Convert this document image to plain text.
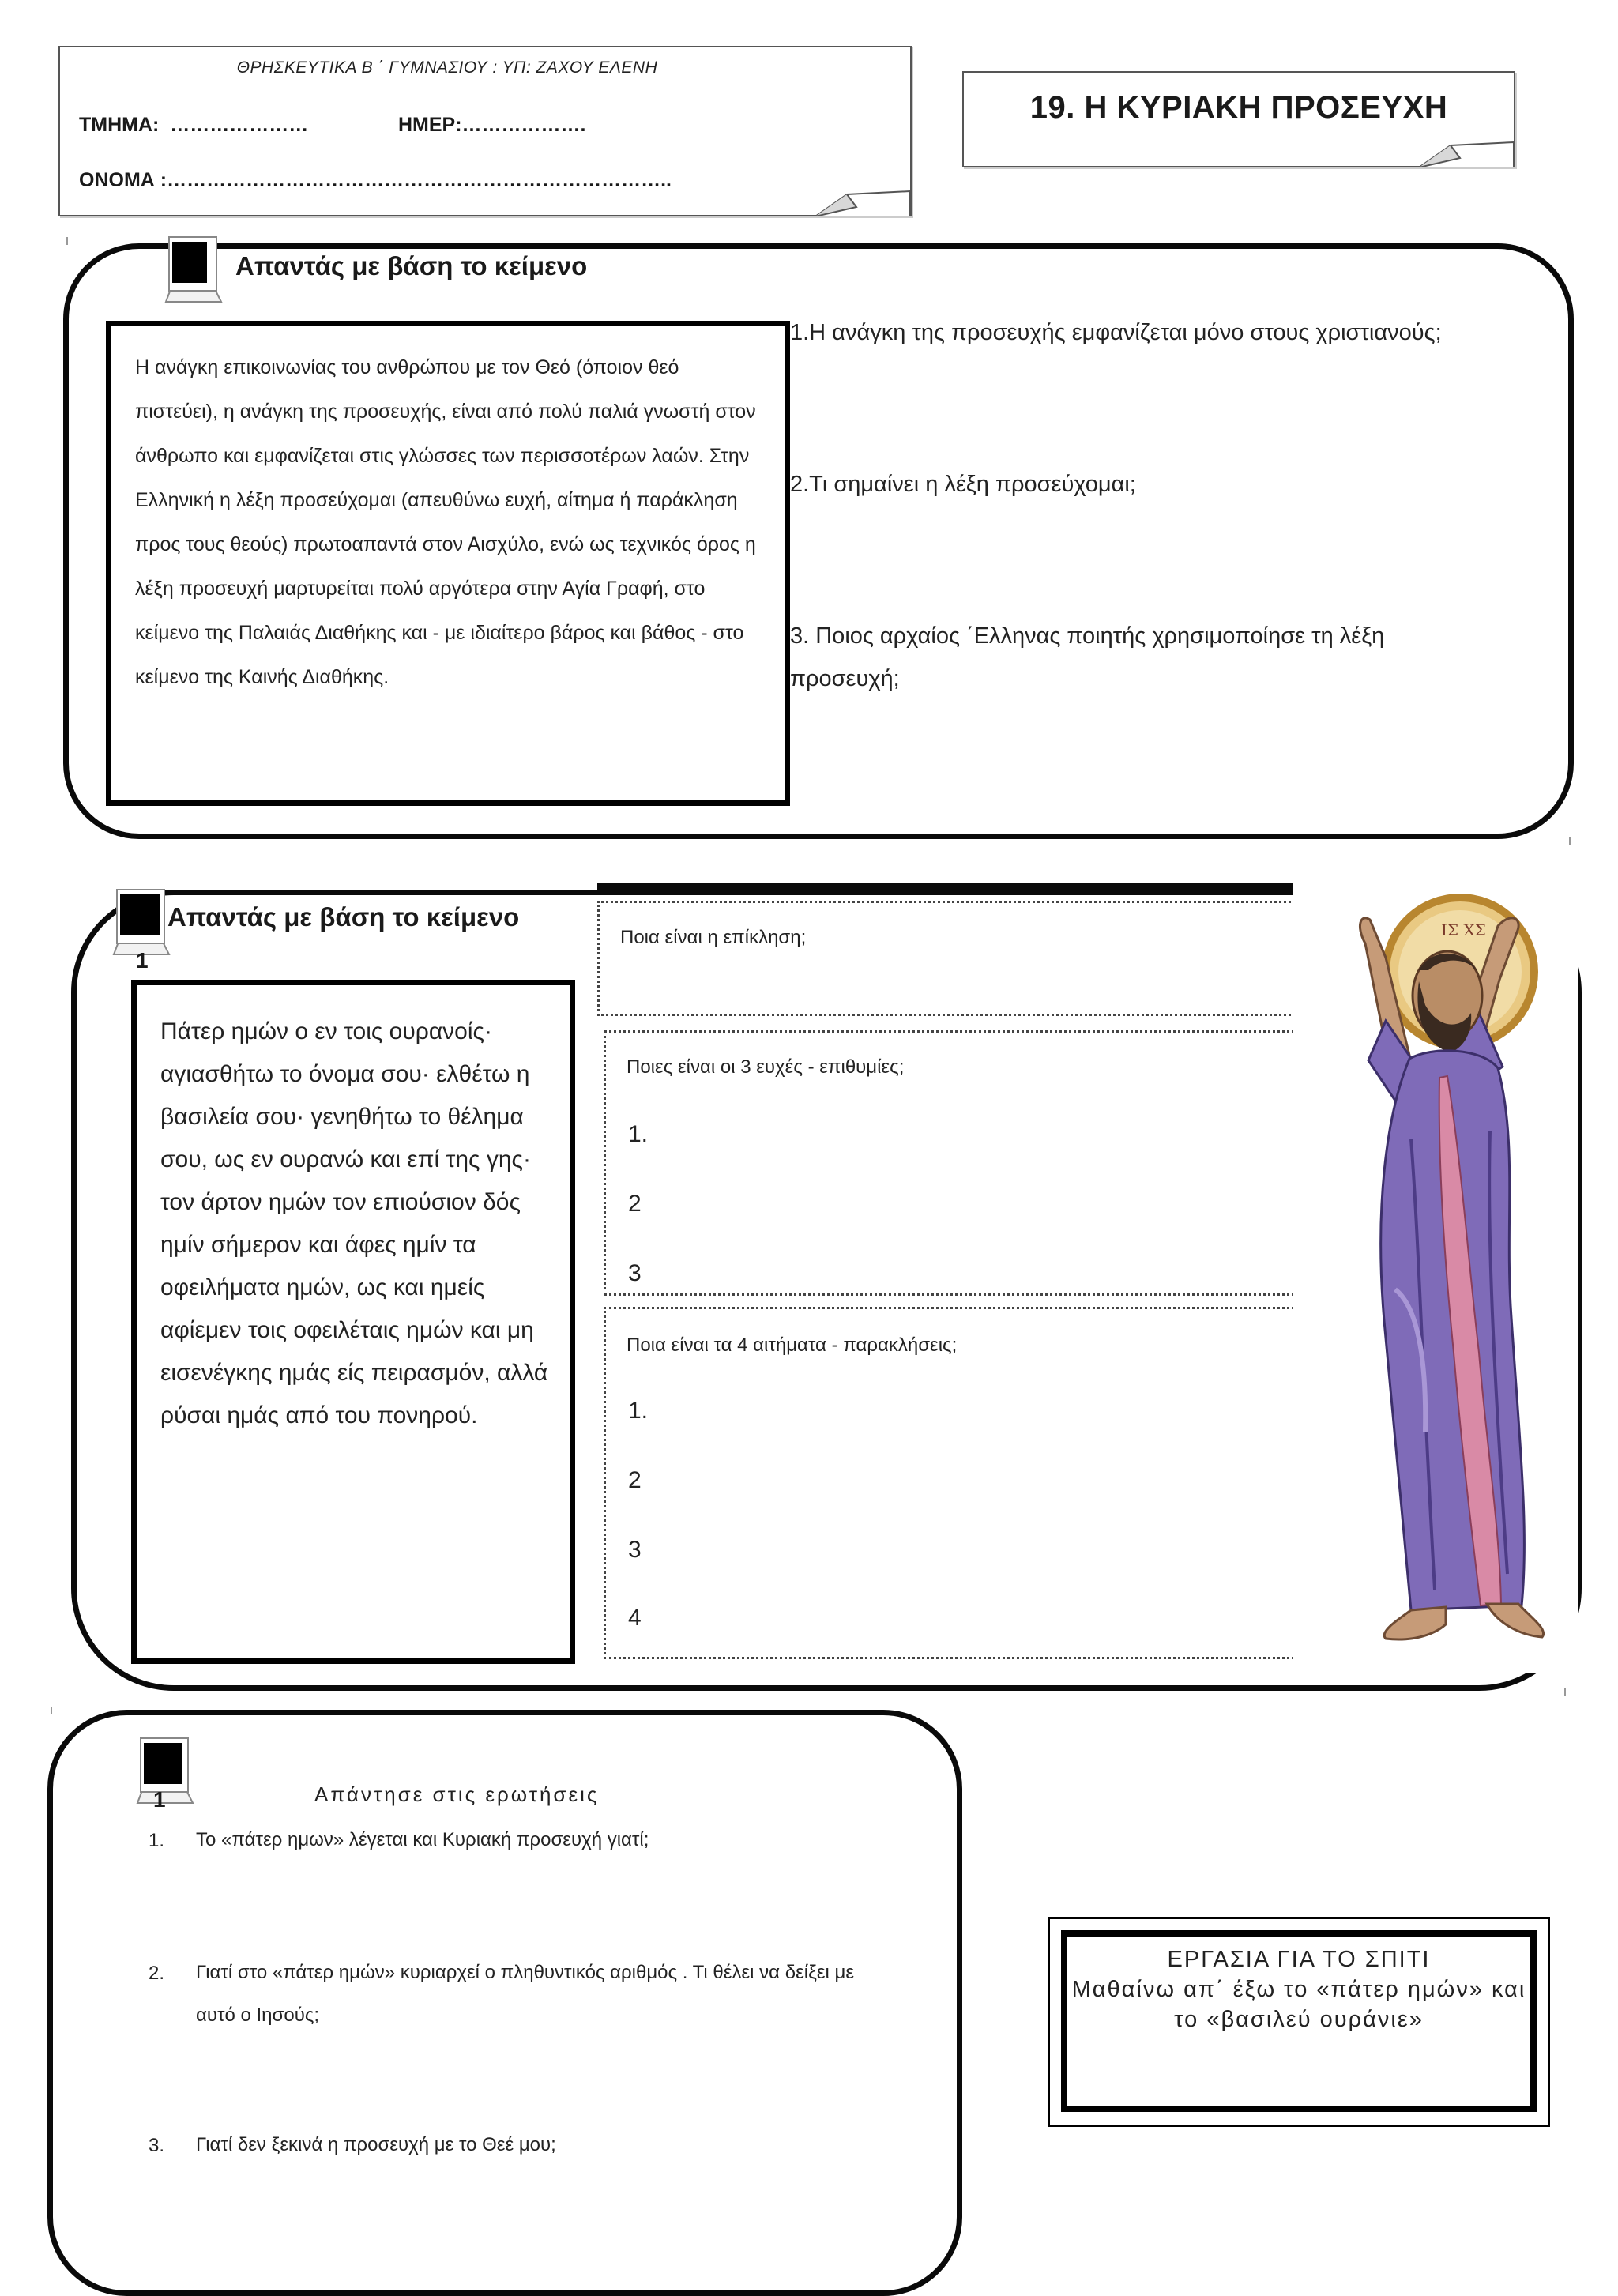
ΘΡΗΣΚΕΥΤΙΚΑ Β ΄ ΓΥΜΝΑΣΙΟΥ : ΥΠ: ΖΑΧΟΥ ΕΛΕΝΗ
ΤΜΗΜΑ:  …………………	ΗΜΕΡ:……………….
ΟΝΟΜΑ :…………………………………………………………………..
19. Η ΚΥΡΙΑΚΗ ΠΡΟΣΕΥΧΗ
Απαντάς με βάση το κείμενο
Η ανάγκη επικοινωνίας του ανθρώπου με τον Θεό (όποιον θεό πιστεύει), η ανάγκη της προσευχής, είναι από πολύ παλιά γνωστή στον άνθρωπο και εμφανίζεται στις γλώσσες των περισσοτέρων λαών. Στην Ελληνική η λέξη προσεύχομαι (απευθύνω ευχή, αίτημα ή παράκληση προς τους θεούς) πρωτοαπαντά στον Αισχύλο, ενώ ως τεχνικός όρος η λέξη προσευχή μαρτυρείται πολύ αργότερα στην Αγία Γραφή, στο κείμενο της Παλαιάς Διαθήκης και - με ιδιαίτερο βάρος και βάθος - στο κείμενο της Καινής Διαθήκης.
1.Η ανάγκη της προσευχής εμφανίζεται μόνο στους χριστιανούς;
2.Τι σημαίνει η λέξη προσεύχομαι;
3. Ποιος αρχαίος ΄Ελληνας ποιητής χρησιμοποίησε τη λέξη προσευχή;
1
Απαντάς με βάση το κείμενο
Πάτερ ημών ο εν τοις ουρανοίς· αγιασθήτω το όνομα σου· ελθέτω η βασιλεία σου· γενηθήτω το θέλημα σου, ως εν ουρανώ και επί της γης· τον άρτον ημών τον επιούσιον δός ημίν σήμερον και άφες ημίν τα οφειλήματα ημών, ως και ημείς αφίεμεν τοις οφειλέταις ημών και μη εισενέγκης ημάς είς πειρασμόν, αλλά ρύσαι ημάς από του πονηρού.
Ποια είναι η επίκληση;
Ποιες είναι οι 3 ευχές - επιθυμίες;
1.
2
3
Ποια είναι τα 4 αιτήματα - παρακλήσεις;
1.
2
3
4
ΙΣ ΧΣ
1	Απάντησε στις ερωτήσεις
1. Το «πάτερ ημων» λέγεται και Κυριακή προσευχή γιατί;
2. Γιατί στο «πάτερ ημών» κυριαρχεί ο πληθυντικός αριθμός . Τι θέλει να δείξει με αυτό ο Ιησούς;
3. Γιατί δεν ξεκινά η προσευχή με το Θεέ μου;
ΕΡΓΑΣΙΑ ΓΙΑ ΤΟ ΣΠΙΤΙ
Μαθαίνω απ΄ έξω το «πάτερ ημών» και το «βασιλεύ ουράνιε»
